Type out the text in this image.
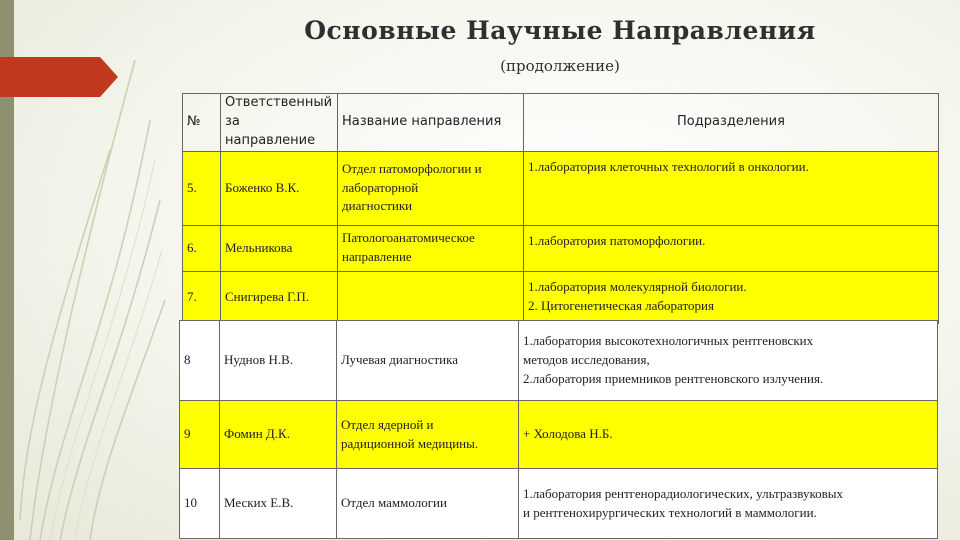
Основные Научные Направления

(продолжение)

№	Ответственный
за направление	Название направления	Подразделения
5.	Боженко В.К.	Отдел патоморфологии и
лабораторной
диагностики	1.лаборатория клеточных технологий в онкологии.

6.	Мельникова	Патологоанатомическое
направление	1.лаборатория патоморфологии.

7.	Снигирева Г.П.		1.лаборатория молекулярной биологии.
2. Цитогенетическая лаборатория
8	Нуднов Н.В.	Лучевая диагностика	1.лаборатория высокотехнологичных рентгеновских
методов исследования,
2.лаборатория приемников рентгеновского излучения.

9	Фомин Д.К.	Отдел ядерной и
радиционной медицины.	+ Холодова Н.Б.

10	Меских Е.В.	Отдел маммологии	1.лаборатория рентгенорадиологических, ультразвуковых
и рентгенохирургических технологий в маммологии.
